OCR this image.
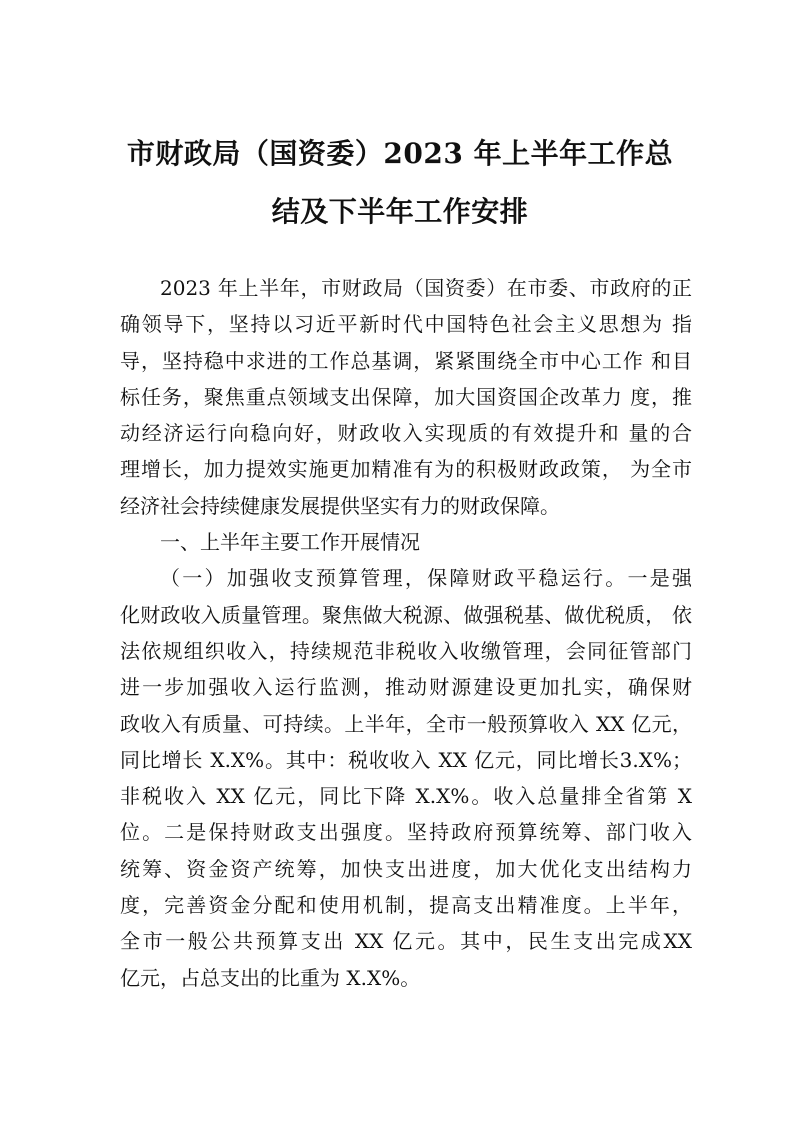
市财政局（国资委）2023 年上半年工作总
结及下半年工作安排
2023 年上半年，市财政局（国资委）在市委、市政府的正
确领导下，坚持以习近平新时代中国特色社会主义思想为 指
导，坚持稳中求进的工作总基调，紧紧围绕全市中心工作 和目
标任务，聚焦重点领域支出保障，加大国资国企改革力 度，推
动经济运行向稳向好，财政收入实现质的有效提升和 量的合
理增长，加力提效实施更加精准有为的积极财政政策， 为全市
经济社会持续健康发展提供坚实有力的财政保障。
一、上半年主要工作开展情况
（一）加强收支预算管理，保障财政平稳运行。一是强
化财政收入质量管理。聚焦做大税源、做强税基、做优税质， 依
法依规组织收入，持续规范非税收入收缴管理，会同征管部门
进一步加强收入运行监测，推动财源建设更加扎实，确保财
政收入有质量、可持续。上半年，全市一般预算收入 XX 亿元，
同比增长 X.X%。其中：税收收入 XX 亿元，同比增长3.X%；
非税收入 XX 亿元，同比下降 X.X%。收入总量排全省第 X
位。二是保持财政支出强度。坚持政府预算统筹、部门收入
统筹、资金资产统筹，加快支出进度，加大优化支出结构力
度，完善资金分配和使用机制，提高支出精准度。上半年，
全市一般公共预算支出 XX 亿元。其中，民生支出完成XX
亿元，占总支出的比重为 X.X%。
